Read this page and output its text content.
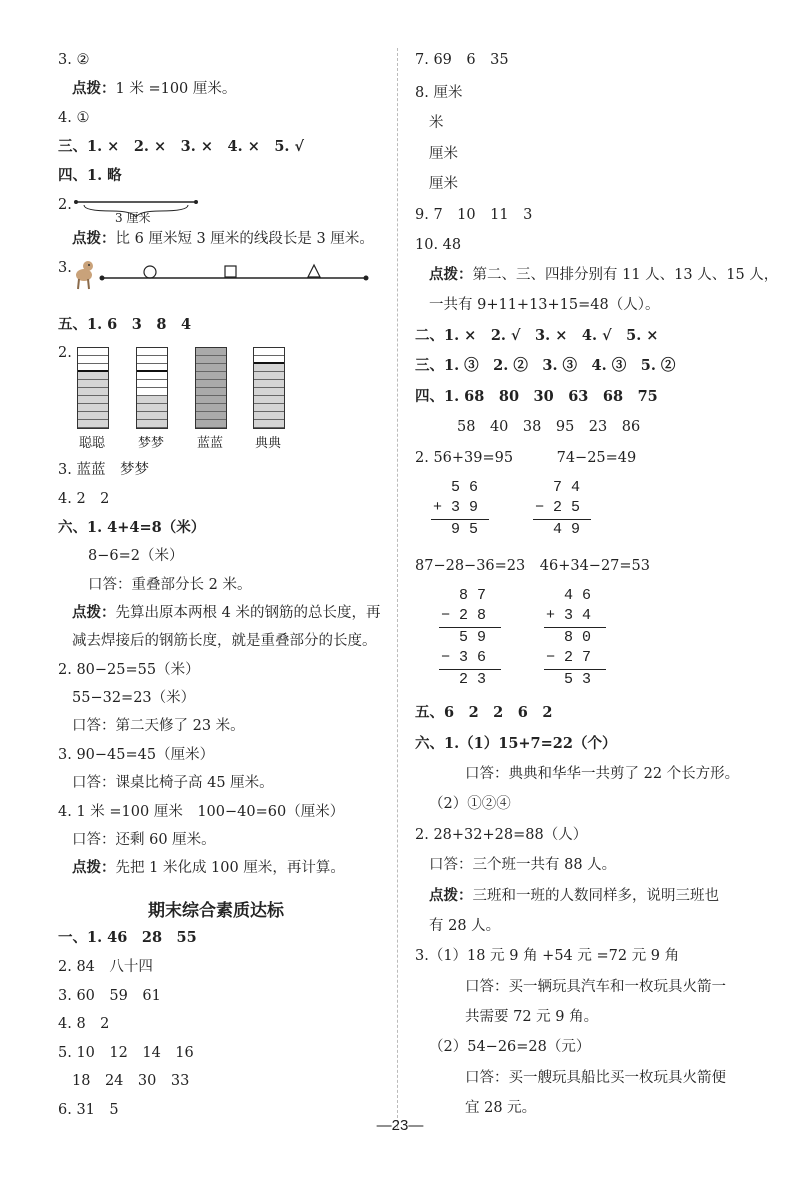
3. ②
点拨：1 米 =100 厘米。
4. ①
三、1. ×　2. ×　3. ×　4. ×　5. √
四、1. 略
2.
点拨：比 6 厘米短 3 厘米的线段长是 3 厘米。
3.
五、1. 6　3　8　4
2.
3. 蓝蓝　梦梦
4. 2　2
六、1. 4+4=8（米）
8−6=2（米）
口答：重叠部分长 2 米。
点拨：先算出原本两根 4 米的钢筋的总长度，再
减去焊接后的钢筋长度，就是重叠部分的长度。
2. 80−25=55（米）
55−32=23（米）
口答：第二天修了 23 米。
3. 90−45=45（厘米）
口答：课桌比椅子高 45 厘米。
4. 1 米 =100 厘米　100−40=60（厘米）
口答：还剩 60 厘米。
点拨：先把 1 米化成 100 厘米，再计算。
一、1. 46　28　55
2. 84　八十四
3. 60　59　61
4. 8　2
5. 10　12　14　16
18　24　30　33
6. 31　5
7. 69　6　35
8. 厘米
米
厘米
厘米
9. 7　10　11　3
10. 48
点拨：第二、三、四排分别有 11 人、13 人、15 人，
一共有 9+11+13+15=48（人）。
二、1. ×　2. √　3. ×　4. √　5. ×
三、1. ③　2. ②　3. ③　4. ③　5. ②
四、1. 68　80　30　63　68　75
58　40　38　95　23　86
2. 56+39=95　　　74−25=49
87−28−36=23　46+34−27=53
五、6　2　2　6　2
六、1.（1）15+7=22（个）
口答：典典和华华一共剪了 22 个长方形。
（2）①②④
2. 28+32+28=88（人）
口答：三个班一共有 88 人。
点拨：三班和一班的人数同样多，说明三班也
有 28 人。
3.（1）18 元 9 角 +54 元 =72 元 9 角
口答：买一辆玩具汽车和一枚玩具火箭一
共需要 72 元 9 角。
（2）54−26=28（元）
口答：买一艘玩具船比买一枚玩具火箭便
宜 28 元。
期末综合素质达标
3 厘米
聪聪	梦梦	蓝蓝	典典
5 6
+ 3 9
9 5
7 4
− 2 5
4 9
8 7
− 2 8
5 9
− 3 6
2 3
4 6
+ 3 4
8 0
− 2 7
5 3
—23—
